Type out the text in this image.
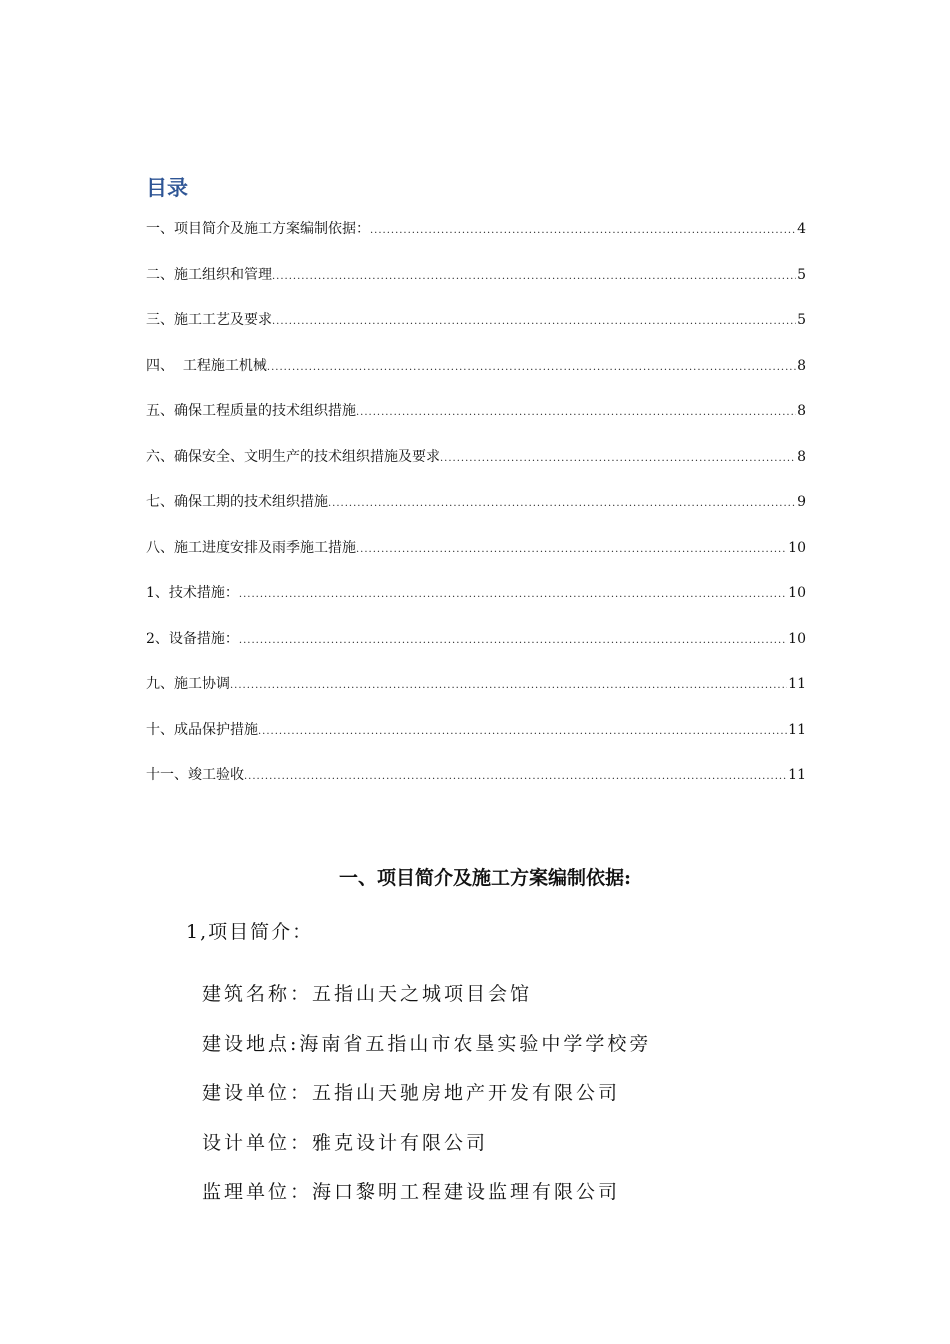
目录
一、项目简介及施工方案编制依据： .....	4
二、施工组织和管理 .....	5
三、施工工艺及要求 .....	5
四、  工程施工机械 .....	8
五、确保工程质量的技术组织措施 .....	8
六、确保安全、文明生产的技术组织措施及要求 .....	8
七、确保工期的技术组织措施 .....	9
八、施工进度安排及雨季施工措施 .....	10
1、技术措施： .....	10
2、设备措施： .....	10
九、施工协调 .....	11
十、成品保护措施 .....	11
十一、竣工验收 .....	11
一、项目简介及施工方案编制依据:
1,项目简介：
建筑名称：五指山天之城项目会馆
建设地点:海南省五指山市农垦实验中学学校旁
建设单位：五指山天驰房地产开发有限公司
设计单位：雅克设计有限公司
监理单位：海口黎明工程建设监理有限公司
